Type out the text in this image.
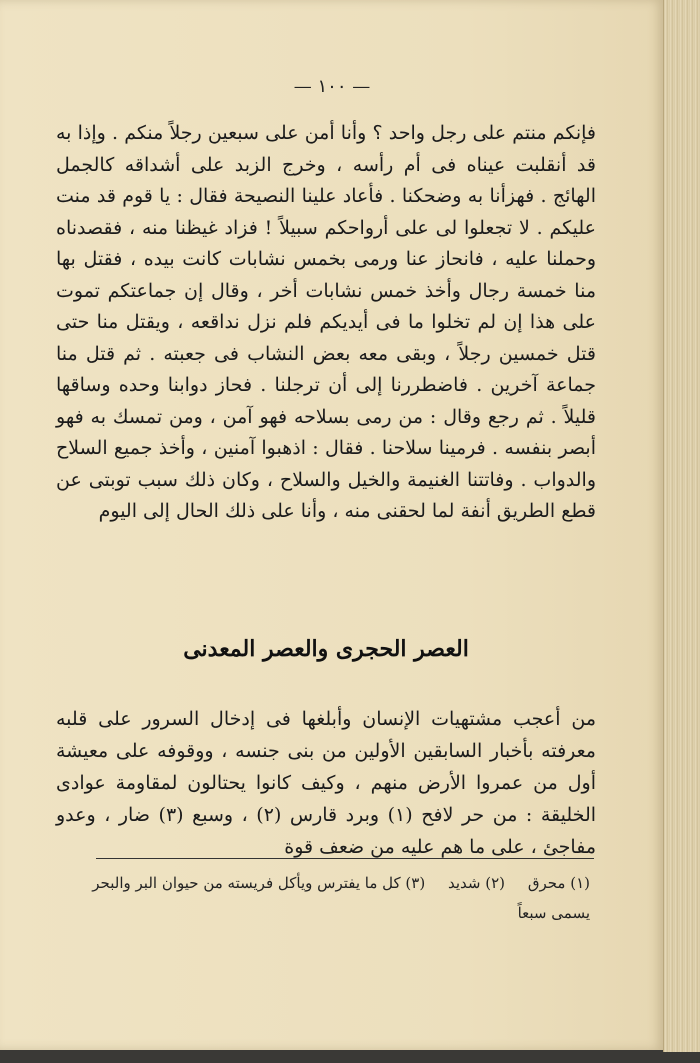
— ١٠٠ —

فإنكم منتم على رجل واحد ؟ وأنا أمن على سبعين رجلاً منكم . وإذا به قد أنقلبت عيناه فى أم رأسه ، وخرج الزبد على أشداقه كالجمل الهائج . فهزأنا به وضحكنا . فأعاد علينا النصيحة فقال : يا قوم قد منت عليكم . لا تجعلوا لى على أرواحكم سبيلاً ! فزاد غيظنا منه ، فقصدناه وحملنا عليه ، فانحاز عنا ورمى بخمس نشابات كانت بيده ، فقتل بها منا خمسة رجال وأخذ خمس نشابات أخر ، وقال إن جماعتكم تموت على هذا إن لم تخلوا ما فى أيديكم فلم نزل نداقعه ، ويقتل منا حتى قتل خمسين رجلاً ، وبقى معه بعض النشاب فى جعبته . ثم قتل منا جماعة آخرين . فاضطررنا إلى أن ترجلنا . فحاز دوابنا وحده وساقها قليلاً . ثم رجع وقال : من رمى بسلاحه فهو آمن ، ومن تمسك به فهو أبصر بنفسه . فرمينا سلاحنا . فقال : اذهبوا آمنين ، وأخذ جميع السلاح والدواب . وفاتتنا الغنيمة والخيل والسلاح ، وكان ذلك سبب توبتى عن قطع الطريق أنفة لما لحقنى منه ، وأنا على ذلك الحال إلى اليوم

العصر الحجرى والعصر المعدنى

من أعجب مشتهيات الإنسان وأبلغها فى إدخال السرور على قلبه معرفته بأخبار السابقين الأولين من بنى جنسه ، ووقوفه على معيشة أول من عمروا الأرض منهم ، وكيف كانوا يحتالون لمقاومة عوادى الخليقة : من حر لافح (١) وبرد قارس (٢) ، وسبع (٣) ضار ، وعدو مفاجئ ، على ما هم عليه من ضعف قوة

(١) محرق (٢) شديد (٣) كل ما يفترس ويأكل فريسته من حيوان البر والبحر يسمى سبعاً
